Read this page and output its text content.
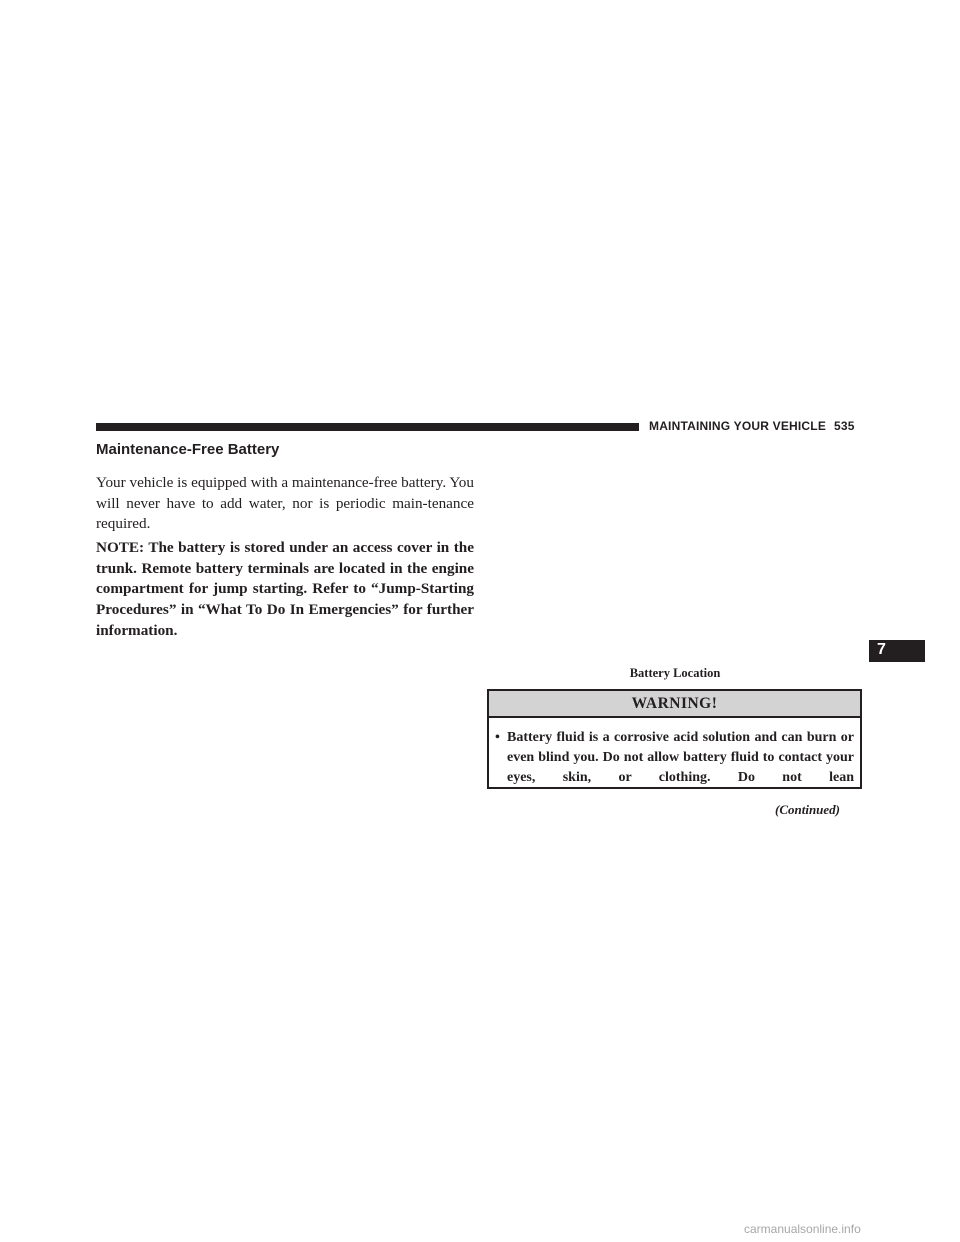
MAINTAINING YOUR VEHICLE 535
Maintenance-Free Battery

Your vehicle is equipped with a maintenance-free battery. You will never have to add water, nor is periodic main-tenance required.

NOTE: The battery is stored under an access cover in the trunk. Remote battery terminals are located in the engine compartment for jump starting. Refer to “Jump-Starting Procedures” in “What To Do In Emergencies” for further information.

Battery Location
WARNING!
• Battery fluid is a corrosive acid solution and can burn or even blind you. Do not allow battery fluid to contact your eyes, skin, or clothing. Do not lean
(Continued)
7
carmanualsonline.info
